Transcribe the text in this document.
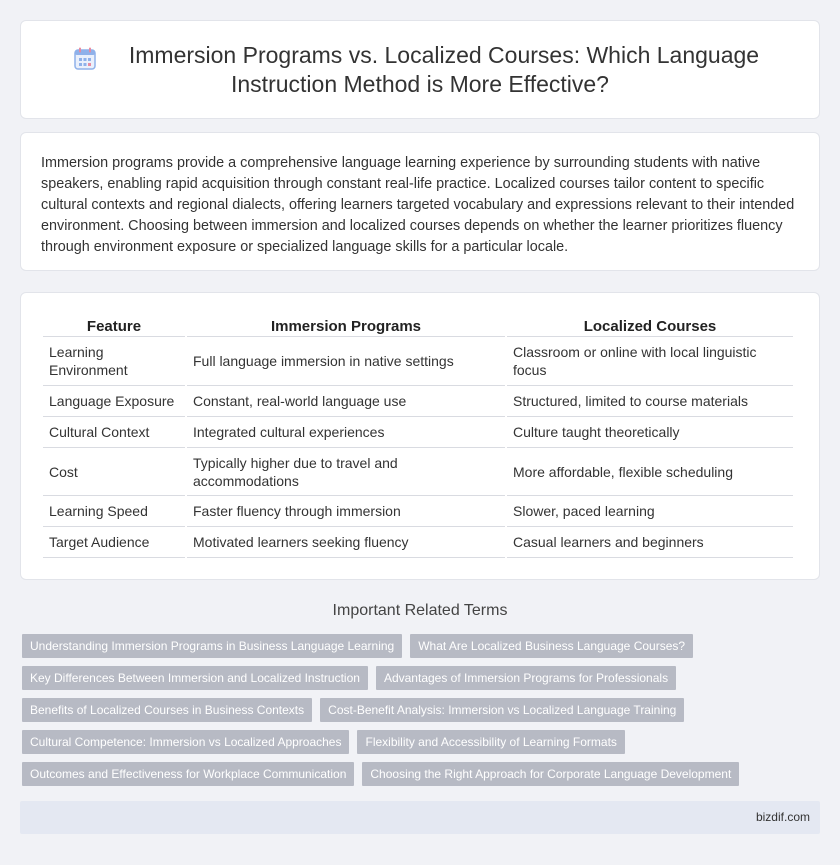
Immersion Programs vs. Localized Courses: Which Language Instruction Method is More Effective?

Immersion programs provide a comprehensive language learning experience by surrounding students with native speakers, enabling rapid acquisition through constant real-life practice. Localized courses tailor content to specific cultural contexts and regional dialects, offering learners targeted vocabulary and expressions relevant to their intended environment. Choosing between immersion and localized courses depends on whether the learner prioritizes fluency through environment exposure or specialized language skills for a particular locale.

Feature	Immersion Programs	Localized Courses
Learning Environment	Full language immersion in native settings	Classroom or online with local linguistic focus
Language Exposure	Constant, real-world language use	Structured, limited to course materials
Cultural Context	Integrated cultural experiences	Culture taught theoretically
Cost	Typically higher due to travel and accommodations	More affordable, flexible scheduling
Learning Speed	Faster fluency through immersion	Slower, paced learning
Target Audience	Motivated learners seeking fluency	Casual learners and beginners
Important Related Terms
Understanding Immersion Programs in Business Language Learning	What Are Localized Business Language Courses?
Key Differences Between Immersion and Localized Instruction	Advantages of Immersion Programs for Professionals
Benefits of Localized Courses in Business Contexts	Cost-Benefit Analysis: Immersion vs Localized Language Training
Cultural Competence: Immersion vs Localized Approaches	Flexibility and Accessibility of Learning Formats
Outcomes and Effectiveness for Workplace Communication	Choosing the Right Approach for Corporate Language Development
bizdif.com
